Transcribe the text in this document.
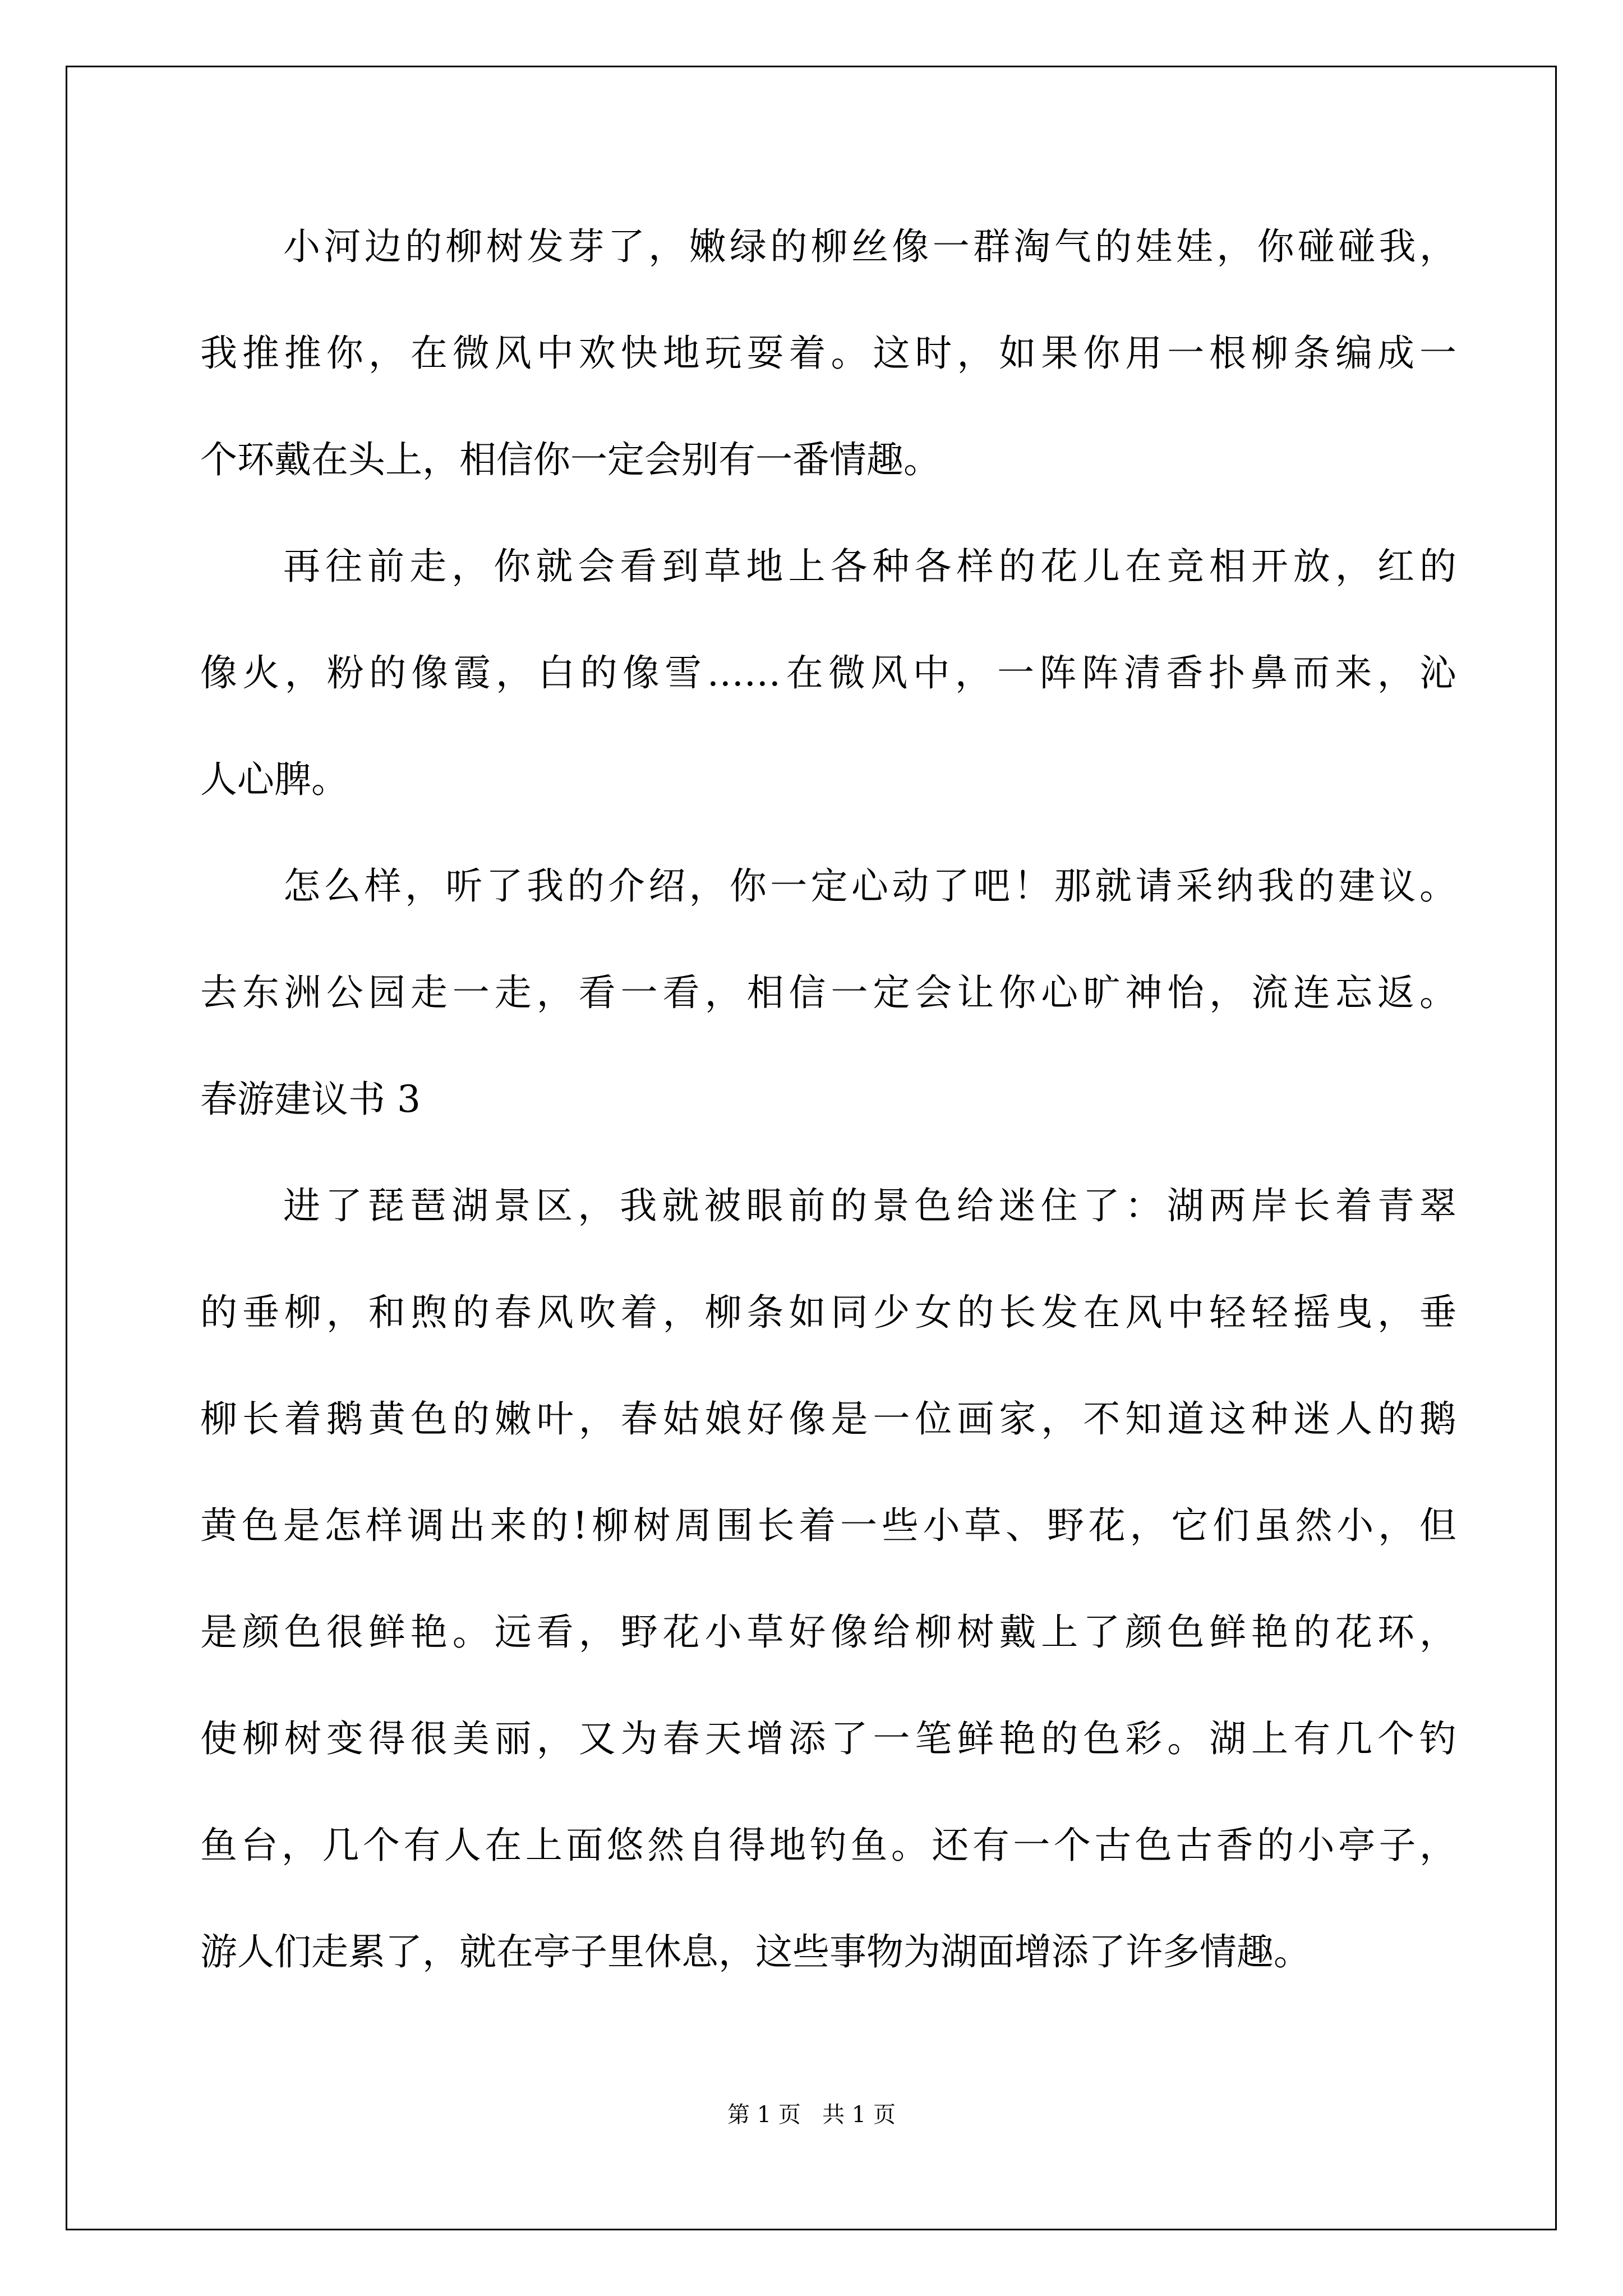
小河边的柳树发芽了，嫩绿的柳丝像一群淘气的娃娃，你碰碰我，
我推推你，在微风中欢快地玩耍着。这时，如果你用一根柳条编成一
个环戴在头上，相信你一定会别有一番情趣。
再往前走，你就会看到草地上各种各样的花儿在竞相开放，红的
像火，粉的像霞，白的像雪……在微风中，一阵阵清香扑鼻而来，沁
人心脾。
怎么样，听了我的介绍，你一定心动了吧！那就请采纳我的建议。
去东洲公园走一走，看一看，相信一定会让你心旷神怡，流连忘返。
春游建议书 3
进了琵琶湖景区，我就被眼前的景色给迷住了：湖两岸长着青翠
的垂柳，和煦的春风吹着，柳条如同少女的长发在风中轻轻摇曳，垂
柳长着鹅黄色的嫩叶，春姑娘好像是一位画家，不知道这种迷人的鹅
黄色是怎样调出来的!柳树周围长着一些小草、野花，它们虽然小，但
是颜色很鲜艳。远看，野花小草好像给柳树戴上了颜色鲜艳的花环，
使柳树变得很美丽，又为春天增添了一笔鲜艳的色彩。湖上有几个钓
鱼台，几个有人在上面悠然自得地钓鱼。还有一个古色古香的小亭子，
游人们走累了，就在亭子里休息，这些事物为湖面增添了许多情趣。
第 1 页   共 1 页
